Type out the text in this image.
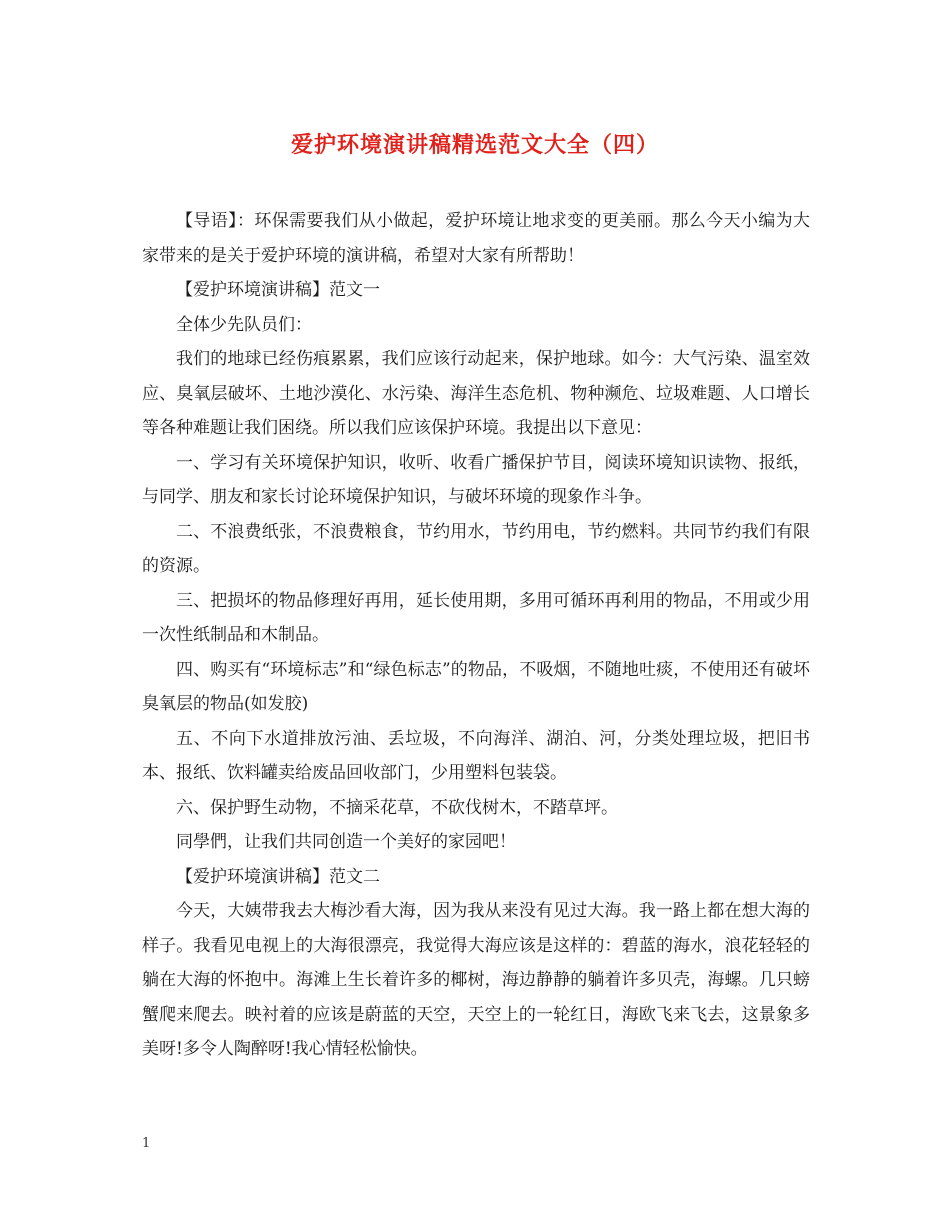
爱护环境演讲稿精选范文大全（四）

【导语】：环保需要我们从小做起，爱护环境让地求变的更美丽。那么今天小编为大家带来的是关于爱护环境的演讲稿，希望对大家有所帮助！

【爱护环境演讲稿】范文一

全体少先队员们：

我们的地球已经伤痕累累，我们应该行动起来，保护地球。如今：大气污染、温室效应、臭氧层破坏、土地沙漠化、水污染、海洋生态危机、物种濒危、垃圾难题、人口增长等各种难题让我们困绕。所以我们应该保护环境。我提出以下意见：

一、学习有关环境保护知识，收听、收看广播保护节目，阅读环境知识读物、报纸，与同学、朋友和家长讨论环境保护知识，与破坏环境的现象作斗争。

二、不浪费纸张，不浪费粮食，节约用水，节约用电，节约燃料。共同节约我们有限的资源。

三、把损坏的物品修理好再用，延长使用期，多用可循环再利用的物品，不用或少用一次性纸制品和木制品。

四、购买有“环境标志”和“绿色标志”的物品，不吸烟，不随地吐痰，不使用还有破坏臭氧层的物品(如发胶)

五、不向下水道排放污油、丢垃圾，不向海洋、湖泊、河，分类处理垃圾，把旧书本、报纸、饮料罐卖给废品回收部门，少用塑料包装袋。

六、保护野生动物，不摘采花草，不砍伐树木，不踏草坪。

同學們，让我们共同创造一个美好的家园吧！

【爱护环境演讲稿】范文二

今天，大姨带我去大梅沙看大海，因为我从来没有见过大海。我一路上都在想大海的样子。我看见电视上的大海很漂亮，我觉得大海应该是这样的：碧蓝的海水，浪花轻轻的躺在大海的怀抱中。海滩上生长着许多的椰树，海边静静的躺着许多贝壳，海螺。几只螃蟹爬来爬去。映衬着的应该是蔚蓝的天空，天空上的一轮红日，海欧飞来飞去，这景象多美呀!多令人陶醉呀!我心情轻松愉快。

1
